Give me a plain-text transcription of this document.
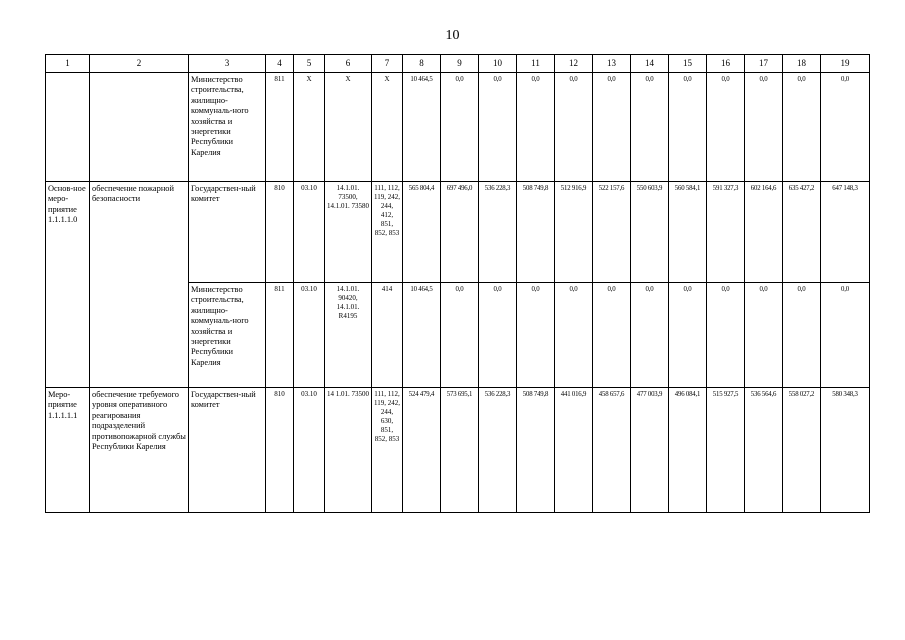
10
1	2	3	4	5	6	7	8	9	10	11	12	13	14	15	16	17	18	19
		Министерство строительства, жилищно-коммуналь-ного хозяйства и энергетики Республики Карелия	811	Х	Х	Х	10 464,5	0,0	0,0	0,0	0,0	0,0	0,0	0,0	0,0	0,0	0,0	0,0
Основ-ное меро-приятие 1.1.1.1.0	обеспечение пожарной безопасности	Государствен-ный комитет	810	03.10	14.1.01. 73500, 14.1.01. 73580	111, 112, 119, 242, 244, 412, 851, 852, 853	565 804,4	697 496,0	536 228,3	508 749,8	512 916,9	522 157,6	550 603,9	560 584,1	591 327,3	602 164,6	635 427,2	647 148,3
		Министерство строительства, жилищно-коммуналь-ного хозяйства и энергетики Республики Карелия	811	03.10	14.1.01. 90420, 14.1.01. R4195	414	10 464,5	0,0	0,0	0,0	0,0	0,0	0,0	0,0	0,0	0,0	0,0	0,0
Меро-приятие 1.1.1.1.1	обеспечение требуемого уровня оперативного реагирования подразделений противопожарной службы Республики Карелия	Государствен-ный комитет	810	03.10	14 1.01. 73500	111, 112, 119, 242, 244, 630, 851, 852, 853	524 479,4	573 695,1	536 228,3	508 749,8	441 016,9	458 657,6	477 003,9	496 084,1	515 927,5	536 564,6	558 027,2	580 348,3
